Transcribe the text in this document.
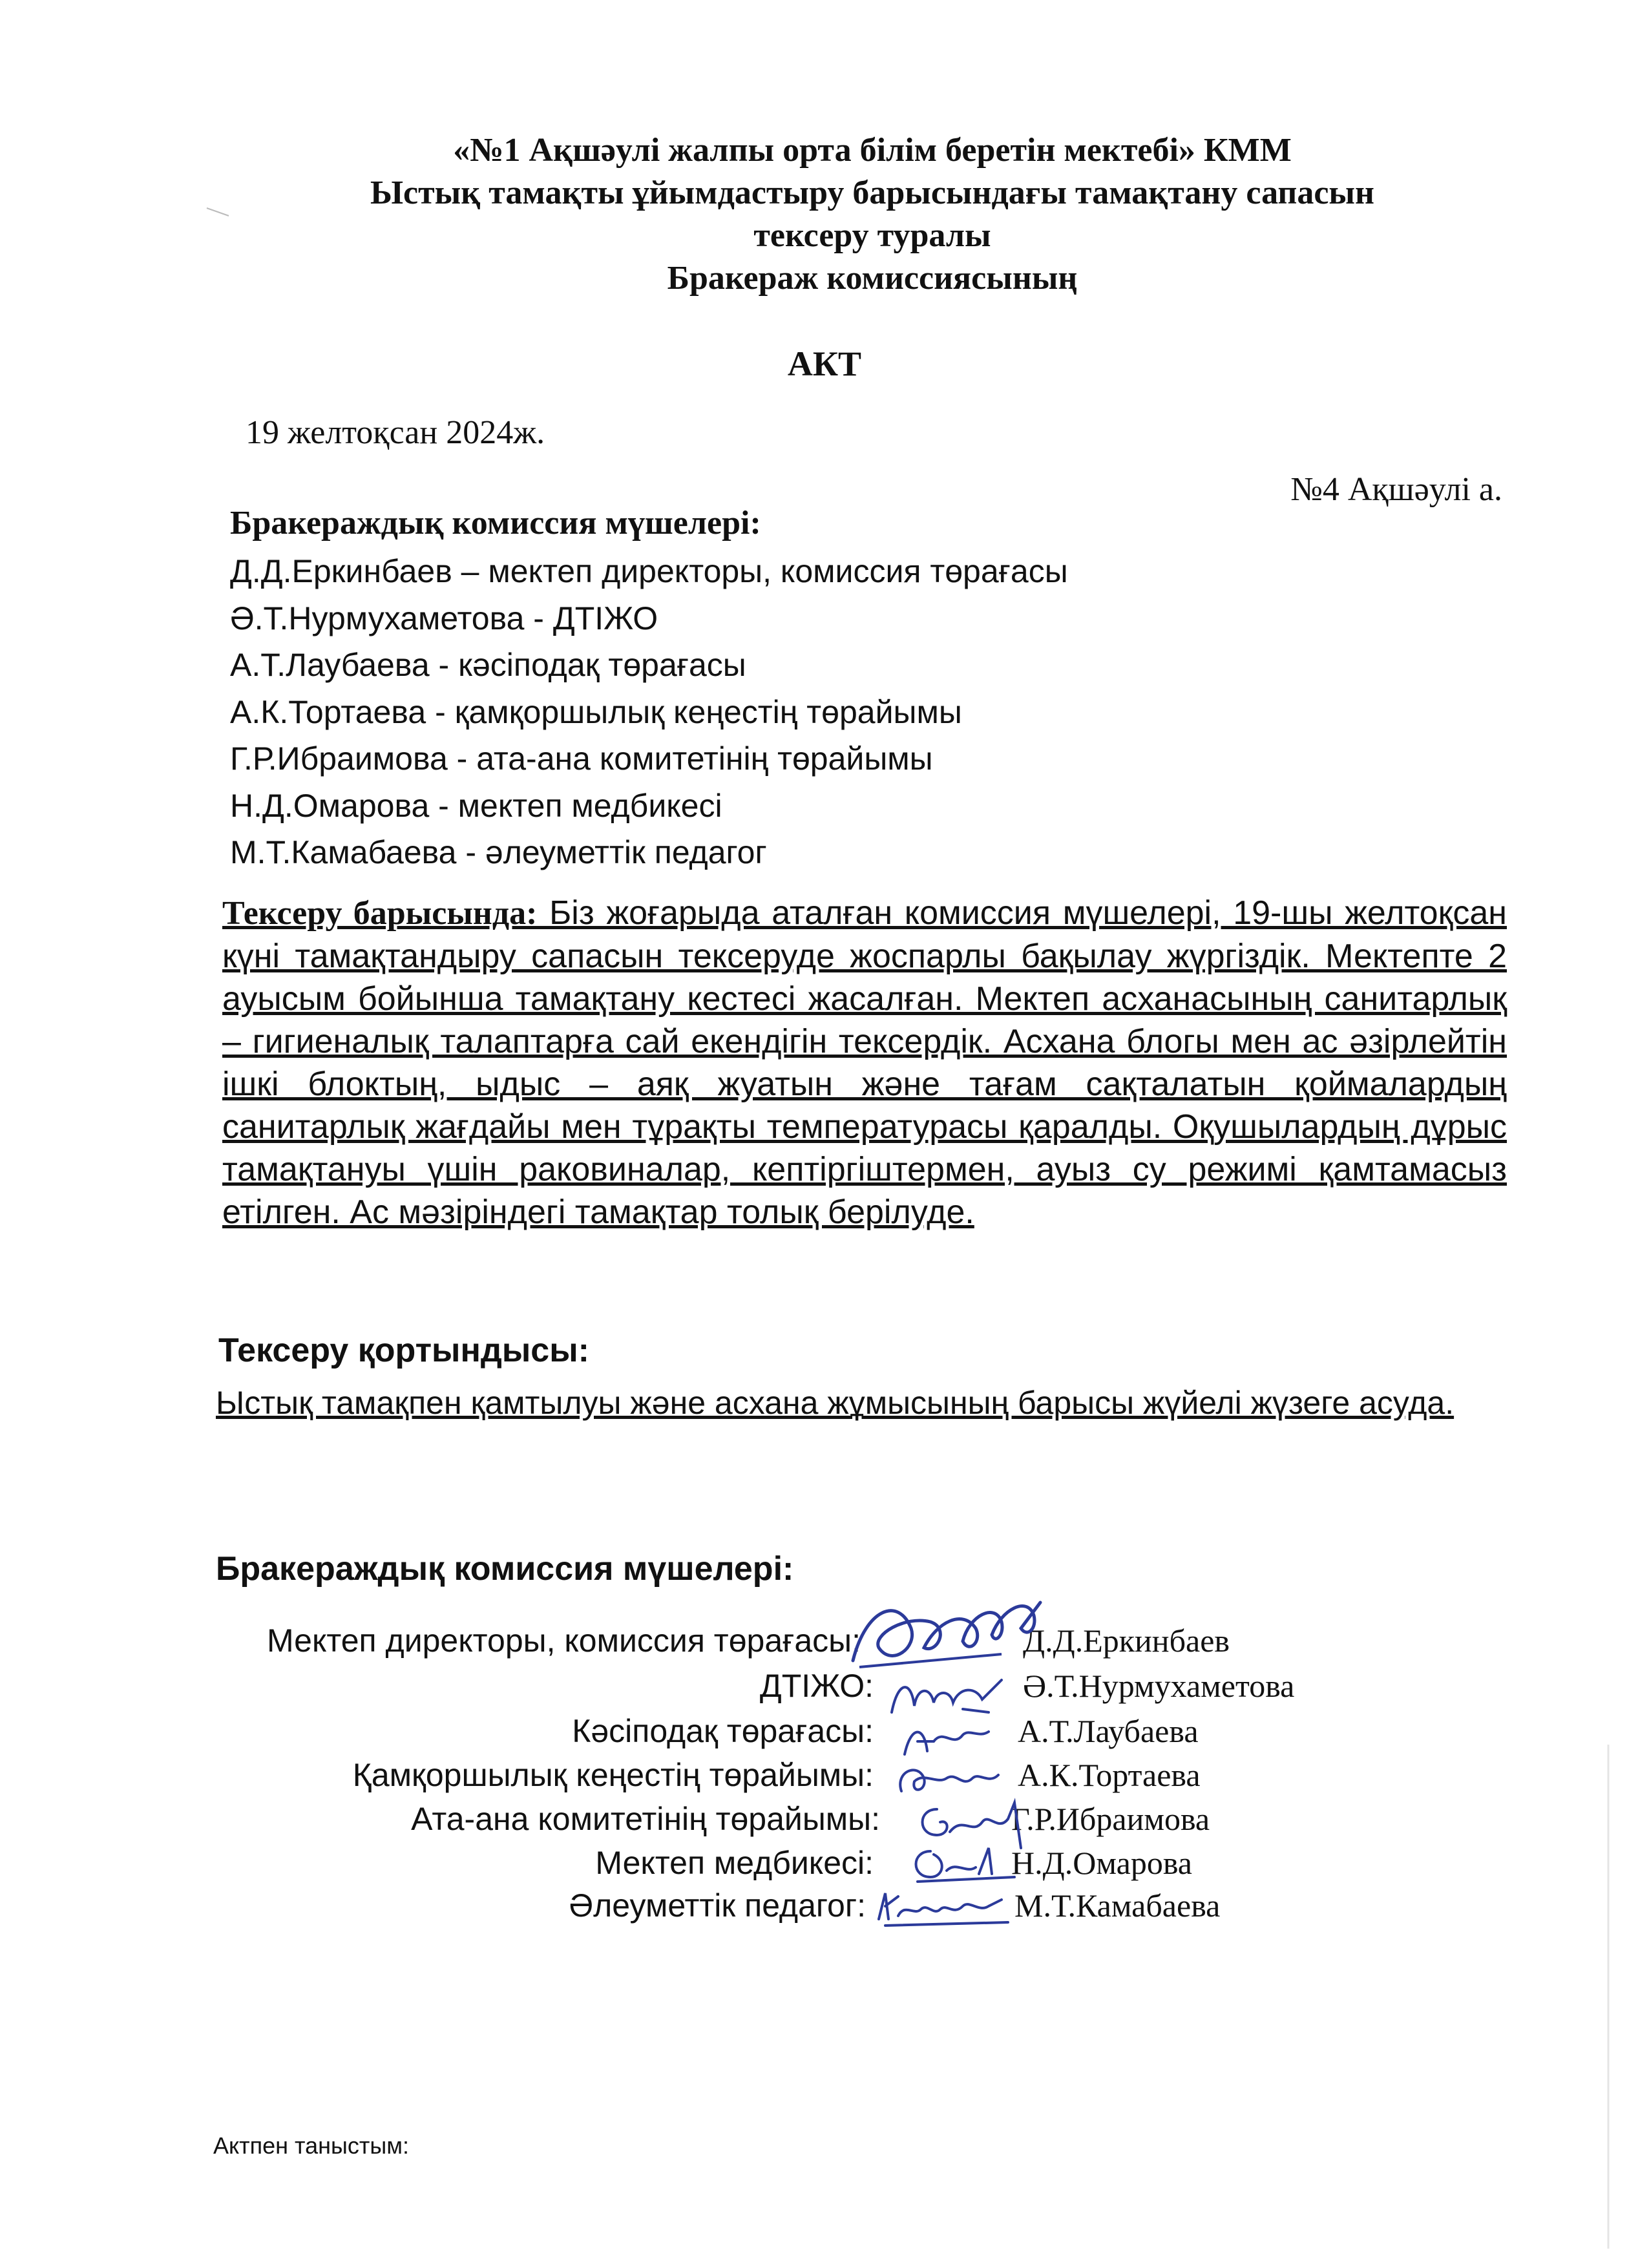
«№1 Ақшәулі жалпы орта білім беретін мектебі» КММ
Ыстық тамақты ұйымдастыру барысындағы тамақтану сапасын
тексеру туралы
Бракераж комиссиясының
АКТ
19 желтоқсан 2024ж.
№4 Ақшәулі а.
Бракераждық комиссия мүшелері:
Д.Д.Еркинбаев – мектеп директоры, комиссия төрағасы
Ә.Т.Нурмухаметова - ДТІЖО
А.Т.Лаубаева - кәсіподақ төрағасы
А.К.Тортаева - қамқоршылық кеңестің төрайымы
Г.Р.Ибраимова - ата-ана комитетінің төрайымы
Н.Д.Омарова - мектеп медбикесі
М.Т.Камабаева - әлеуметтік педагог
Тексеру барысында: Біз жоғарыда аталған комиссия мүшелері, 19-шы желтоқсан күні тамақтандыру сапасын тексеруде жоспарлы бақылау жүргіздік. Мектепте 2 ауысым бойынша тамақтану кестесі жасалған. Мектеп асханасының санитарлық – гигиеналық талаптарға сай екендігін тексердік. Асхана блогы мен ас әзірлейтін ішкі блоктың, ыдыс – аяқ жуатын және тағам сақталатын қоймалардың санитарлық жағдайы мен тұрақты температурасы қаралды. Оқушылардың дұрыс тамақтануы үшін раковиналар, кептіргіштермен, ауыз су режимі қамтамасыз етілген. Ас мәзіріндегі тамақтар толық берілуде.
Тексеру қортындысы:
Ыстық тамақпен қамтылуы және асхана жұмысының барысы жүйелі жүзеге асуда.
Бракераждық комиссия мүшелері:
Мектеп директоры, комиссия төрағасы:	Д.Д.Еркинбаев
ДТІЖО:	Ә.Т.Нурмухаметова
Кәсіподақ төрағасы:	А.Т.Лаубаева
Қамқоршылық кеңестің төрайымы:	А.К.Тортаева
Ата-ана комитетінің төрайымы:	Г.Р.Ибраимова
Мектеп медбикесі:	Н.Д.Омарова
Әлеуметтік педагог:	М.Т.Камабаева
Актпен таныстым:
